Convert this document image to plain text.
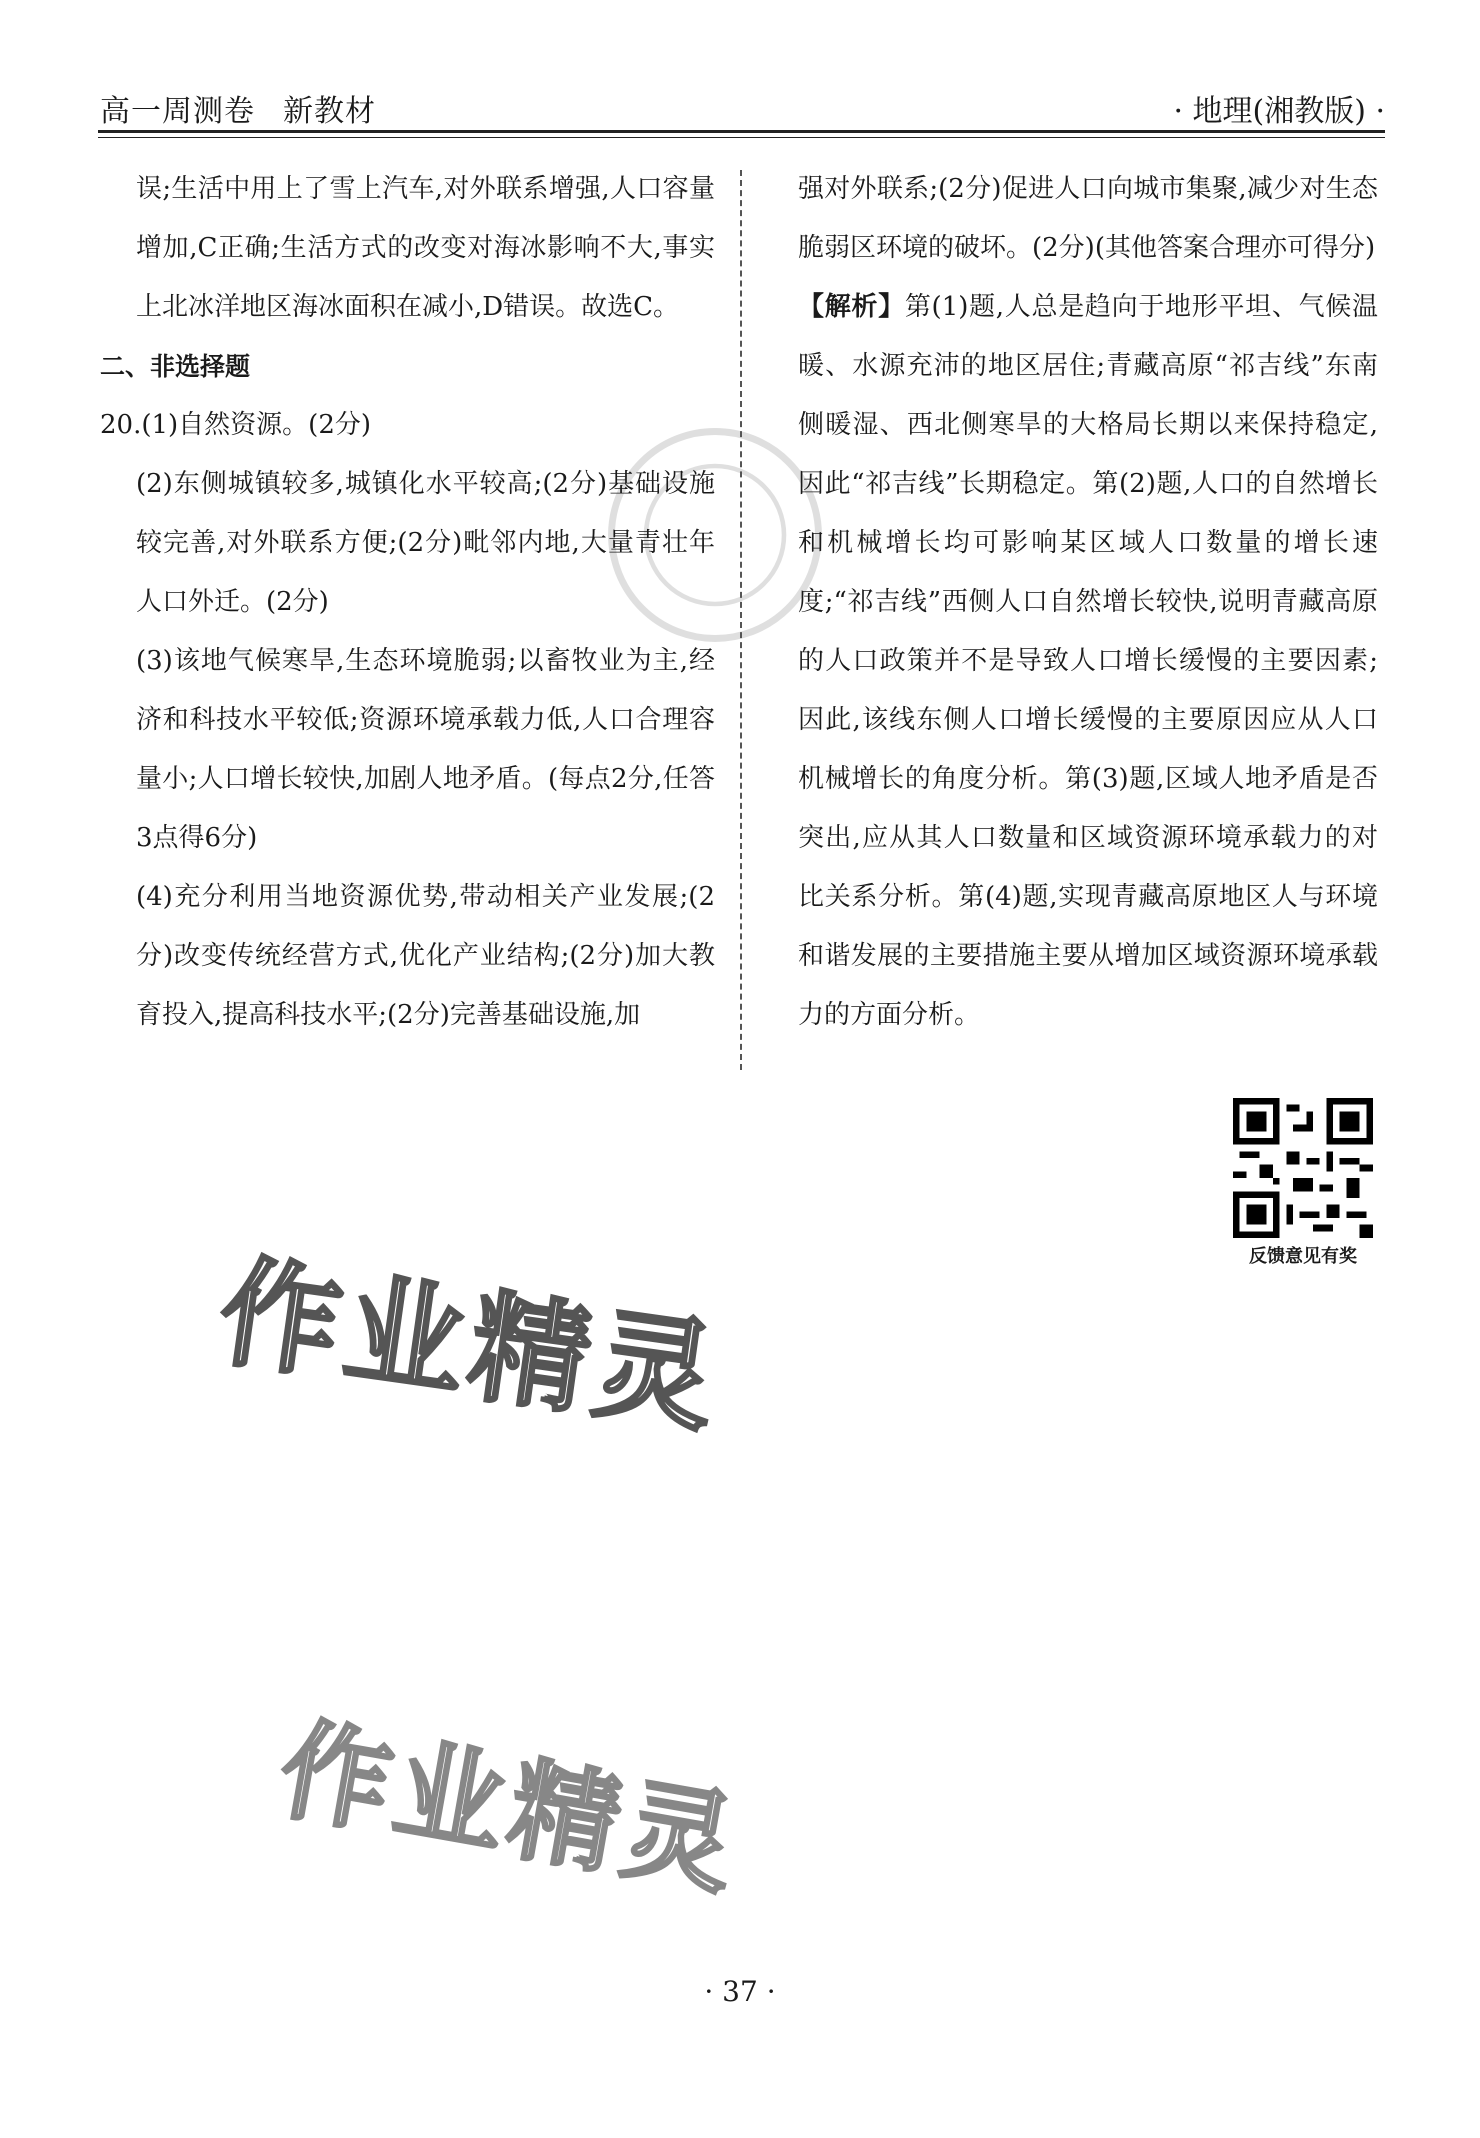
高一周测卷 新教材	· 地理(湘教版) ·

误;生活中用上了雪上汽车,对外联系增强,人口容量增加,C正确;生活方式的改变对海冰影响不大,事实上北冰洋地区海冰面积在减小,D错误。故选C。

二、非选择题

20.(1)自然资源。(2分)

(2)东侧城镇较多,城镇化水平较高;(2分)基础设施较完善,对外联系方便;(2分)毗邻内地,大量青壮年人口外迁。(2分)

(3)该地气候寒旱,生态环境脆弱;以畜牧业为主,经济和科技水平较低;资源环境承载力低,人口合理容量小;人口增长较快,加剧人地矛盾。(每点2分,任答3点得6分)

(4)充分利用当地资源优势,带动相关产业发展;(2分)改变传统经营方式,优化产业结构;(2分)加大教育投入,提高科技水平;(2分)完善基础设施,加

强对外联系;(2分)促进人口向城市集聚,减少对生态脆弱区环境的破坏。(2分)(其他答案合理亦可得分)

【解析】第(1)题,人总是趋向于地形平坦、气候温暖、水源充沛的地区居住;青藏高原“祁吉线”东南侧暖湿、西北侧寒旱的大格局长期以来保持稳定,因此“祁吉线”长期稳定。第(2)题,人口的自然增长和机械增长均可影响某区域人口数量的增长速度;“祁吉线”西侧人口自然增长较快,说明青藏高原的人口政策并不是导致人口增长缓慢的主要因素;因此,该线东侧人口增长缓慢的主要原因应从人口机械增长的角度分析。第(3)题,区域人地矛盾是否突出,应从其人口数量和区域资源环境承载力的对比关系分析。第(4)题,实现青藏高原地区人与环境和谐发展的主要措施主要从增加区域资源环境承载力的方面分析。

反馈意见有奖
作业精灵
作业精灵
· 37 ·
